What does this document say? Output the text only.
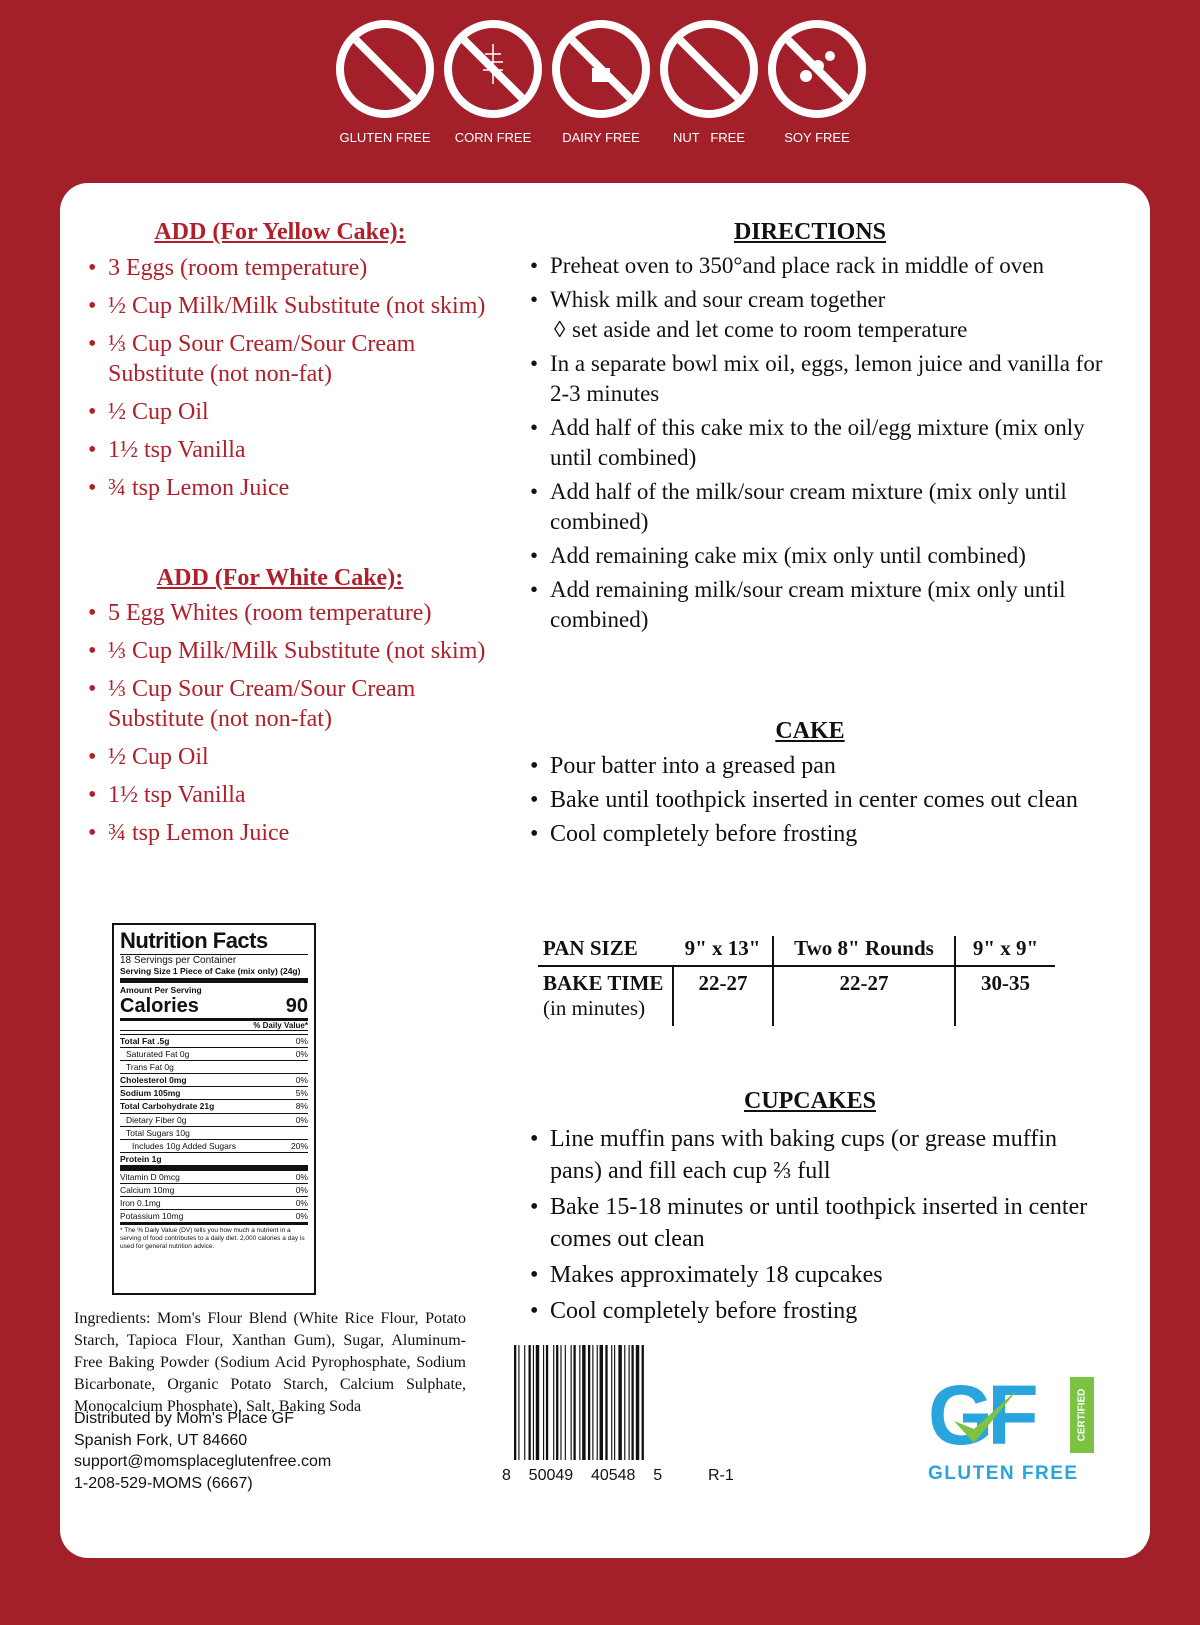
GLUTEN FREE	CORN FREE	DAIRY FREE	NUT   FREE	SOY FREE
ADD (For Yellow Cake):
• 3 Eggs (room temperature)
• ½ Cup Milk/Milk Substitute (not skim)
• ⅓ Cup Sour Cream/Sour Cream Substitute (not non-fat)
• ½ Cup Oil
• 1½ tsp Vanilla
• ¾ tsp Lemon Juice
ADD (For White Cake):
• 5 Egg Whites (room temperature)
• ⅓ Cup Milk/Milk Substitute (not skim)
• ⅓ Cup Sour Cream/Sour Cream Substitute (not non-fat)
• ½ Cup Oil
• 1½ tsp Vanilla
• ¾ tsp Lemon Juice
Nutrition Facts
18 Servings per Container
Serving Size 1 Piece of Cake (mix only) (24g)
Amount Per Serving
Calories	90
% Daily Value*
Total Fat .5g	0%
Saturated Fat 0g	0%
Trans Fat 0g
Cholesterol 0mg	0%
Sodium 105mg	5%
Total Carbohydrate 21g	8%
Dietary Fiber 0g	0%
Total Sugars 10g
Includes 10g Added Sugars	20%
Protein 1g
Vitamin D 0mcg	0%
Calcium 10mg	0%
Iron 0.1mg	0%
Potassium 10mg	0%
* The % Daily Value (DV) tells you how much a nutrient in a serving of food contributes to a daily diet. 2,000 calories a day is used for general nutrition advice.
Ingredients: Mom's Flour Blend (White Rice Flour, Potato Starch, Tapioca Flour, Xanthan Gum), Sugar, Aluminum-Free Baking Powder (Sodium Acid Pyrophosphate, Sodium Bicarbonate, Organic Potato Starch, Calcium Sulphate, Monocalcium Phosphate), Salt, Baking Soda
Distributed by Mom's Place GF
Spanish Fork, UT 84660
support@momsplaceglutenfree.com
1-208-529-MOMS (6667)
DIRECTIONS
• Preheat oven to 350°and place rack in middle of oven
• Whisk milk and sour cream together
◊ set aside and let come to room temperature
• In a separate bowl mix oil, eggs, lemon juice and vanilla for 2-3 minutes
• Add half of this cake mix to the oil/egg mixture (mix only until combined)
• Add half of the milk/sour cream mixture (mix only until combined)
• Add remaining cake mix (mix only until combined)
• Add remaining milk/sour cream mixture (mix only until combined)
CAKE
• Pour batter into a greased pan
• Bake until toothpick inserted in center comes out clean
• Cool completely before frosting
PAN SIZE	9" x 13"	Two 8" Rounds	9" x 9"

BAKE TIME
(in minutes)	22-27	22-27	30-35
CUPCAKES
• Line muffin pans with baking cups (or grease muffin pans) and fill each cup ⅔ full
• Bake 15-18 minutes or until toothpick inserted in center comes out clean
• Makes approximately 18 cupcakes
• Cool completely before frosting
8    50049    40548    5	R-1
GF	CERTIFIED
GLUTEN FREE
